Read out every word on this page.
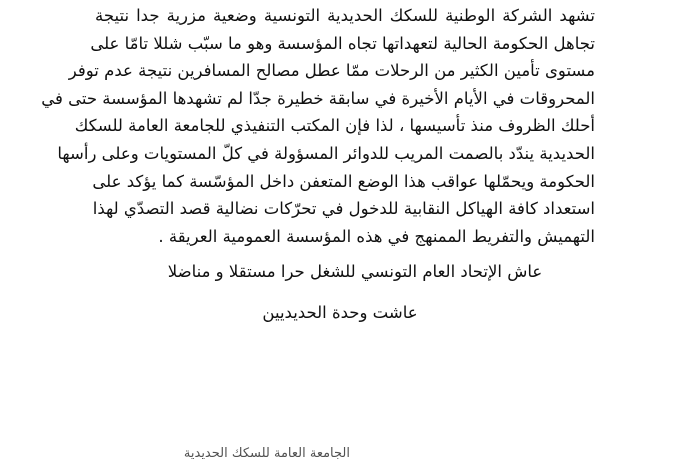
تشهد الشركة الوطنية للسكك الحديدية التونسية وضعية مزرية جدا نتيجة
تجاهل الحكومة الحالية لتعهداتها تجاه المؤسسة وهو ما سبّب شللا تامّا على
مستوى تأمين الكثير من الرحلات ممّا عطل مصالح المسافرين نتيجة عدم توفر
المحروقات في الأيام الأخيرة في سابقة خطيرة جدّا لم تشهدها المؤسسة حتى في
أحلك الظروف منذ تأسيسها ، لذا فإن المكتب التنفيذي للجامعة العامة للسكك
الحديدية يندّد بالصمت المريب للدوائر المسؤولة في كلّ المستويات وعلى رأسها
الحكومة ويحمّلها عواقب هذا الوضع المتعفن داخل المؤسّسة كما يؤكد على
استعداد كافة الهياكل النقابية للدخول في تحرّكات نضالية قصد التصدّي لهذا
التهميش والتفريط الممنهج في هذه المؤسسة العمومية العريقة .

عاش الإتحاد العام التونسي للشغل حرا مستقلا و مناضلا

عاشت وحدة الحديديين

الجامعة العامة للسكك الحديدية
